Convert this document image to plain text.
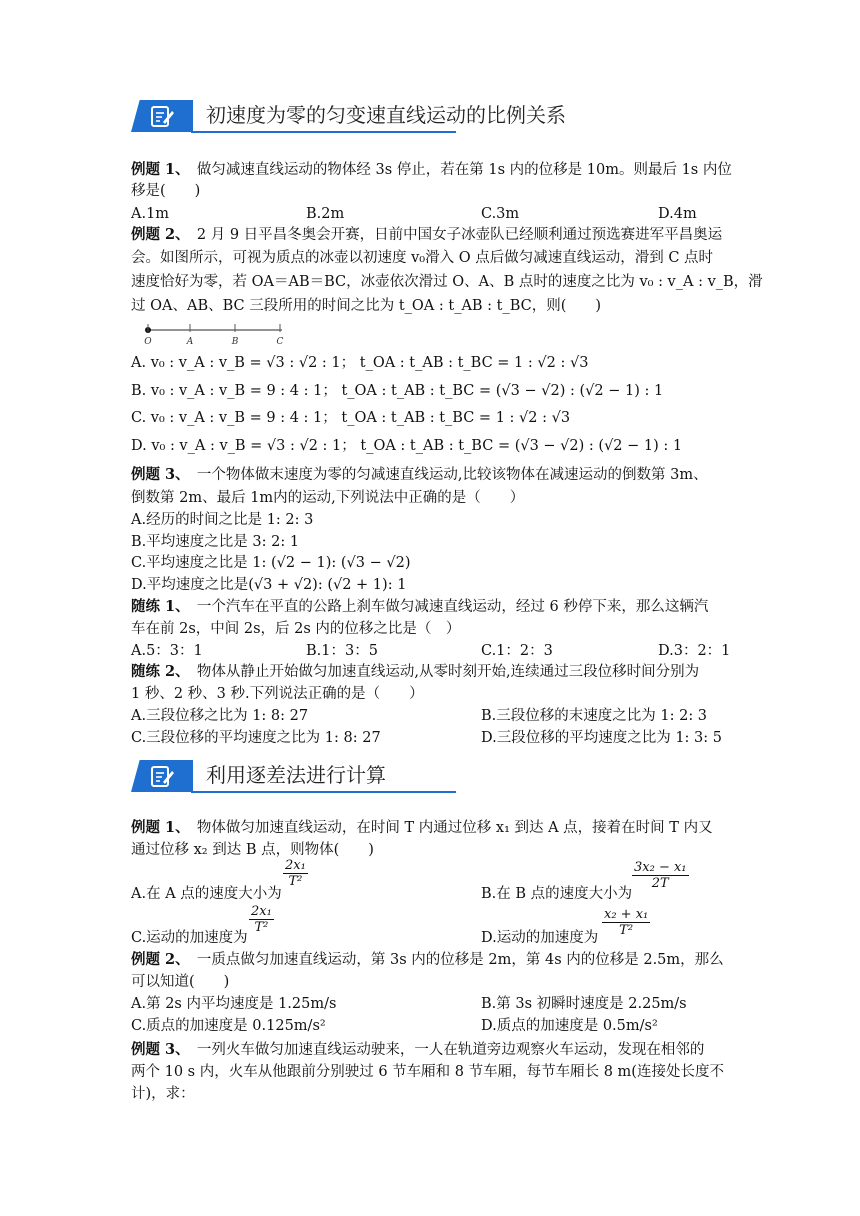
初速度为零的匀变速直线运动的比例关系
例题 1、　 做匀减速直线运动的物体经 3s 停止，若在第 1s 内的位移是 10m。则最后 1s 内位
移是(　　)
A.1m	B.2m	C.3m	D.4m
例题 2、　 2 月 9 日平昌冬奥会开赛，日前中国女子冰壶队已经顺利通过预选赛进军平昌奥运
会。如图所示，可视为质点的冰壶以初速度 v₀滑入 O 点后做匀减速直线运动，滑到 C 点时
速度恰好为零，若 OA＝AB＝BC，冰壶依次滑过 O、A、B 点时的速度之比为 v₀ : v_A : v_B，滑
过 OA、AB、BC 三段所用的时间之比为 t_OA : t_AB : t_BC，则(　　)
O	A	B	C
A. v₀ : v_A : v_B = √3 : √2 : 1； t_OA : t_AB : t_BC = 1 : √2 : √3
B. v₀ : v_A : v_B = 9 : 4 : 1； t_OA : t_AB : t_BC = (√3 − √2) : (√2 − 1) : 1
C. v₀ : v_A : v_B = 9 : 4 : 1； t_OA : t_AB : t_BC = 1 : √2 : √3
D. v₀ : v_A : v_B = √3 : √2 : 1； t_OA : t_AB : t_BC = (√3 − √2) : (√2 − 1) : 1
例题 3、　 一个物体做末速度为零的匀减速直线运动,比较该物体在减速运动的倒数第 3m、
倒数第 2m、最后 1m内的运动,下列说法中正确的是（　　）
A.经历的时间之比是 1: 2: 3
B.平均速度之比是 3: 2: 1
C.平均速度之比是 1: (√2 − 1): (√3 − √2)
D.平均速度之比是(√3 + √2): (√2 + 1): 1
随练 1、　 一个汽车在平直的公路上刹车做匀减速直线运动，经过 6 秒停下来，那么这辆汽
车在前 2s，中间 2s，后 2s 内的位移之比是（　）
A.5：3：1	B.1：3：5	C.1：2：3	D.3：2：1
随练 2、　 物体从静止开始做匀加速直线运动,从零时刻开始,连续通过三段位移时间分别为
1 秒、2 秒、3 秒.下列说法正确的是（　　）
A.三段位移之比为 1: 8: 27	B.三段位移的末速度之比为 1: 2: 3
C.三段位移的平均速度之比为 1: 8: 27	D.三段位移的平均速度之比为 1: 3: 5
利用逐差法进行计算
例题 1、　 物体做匀加速直线运动，在时间 T 内通过位移 x₁ 到达 A 点，接着在时间 T 内又
通过位移 x₂ 到达 B 点，则物体(　　)
$\frac{\text{2x₁}}{\text{T²}}$
A.在 A 点的速度大小为
$\frac{\text{3x₂ − x₁}}{2T}$
B.在 B 点的速度大小为
$\frac{\text{2x₁}}{\text{T²}}$
C.运动的加速度为	$\frac{\text{x₂ + x₁}}{\text{T²}}$
D.运动的加速度为
例题 2、　 一质点做匀加速直线运动，第 3s 内的位移是 2m，第 4s 内的位移是 2.5m，那么
可以知道(　　)
A.第 2s 内平均速度是 1.25m/s	B.第 3s 初瞬时速度是 2.25m/s
C.质点的加速度是 0.125m/s²	D.质点的加速度是 0.5m/s²
例题 3、　 一列火车做匀加速直线运动驶来，一人在轨道旁边观察火车运动，发现在相邻的
两个 10 s 内，火车从他跟前分别驶过 6 节车厢和 8 节车厢，每节车厢长 8 m(连接处长度不
计)，求：
